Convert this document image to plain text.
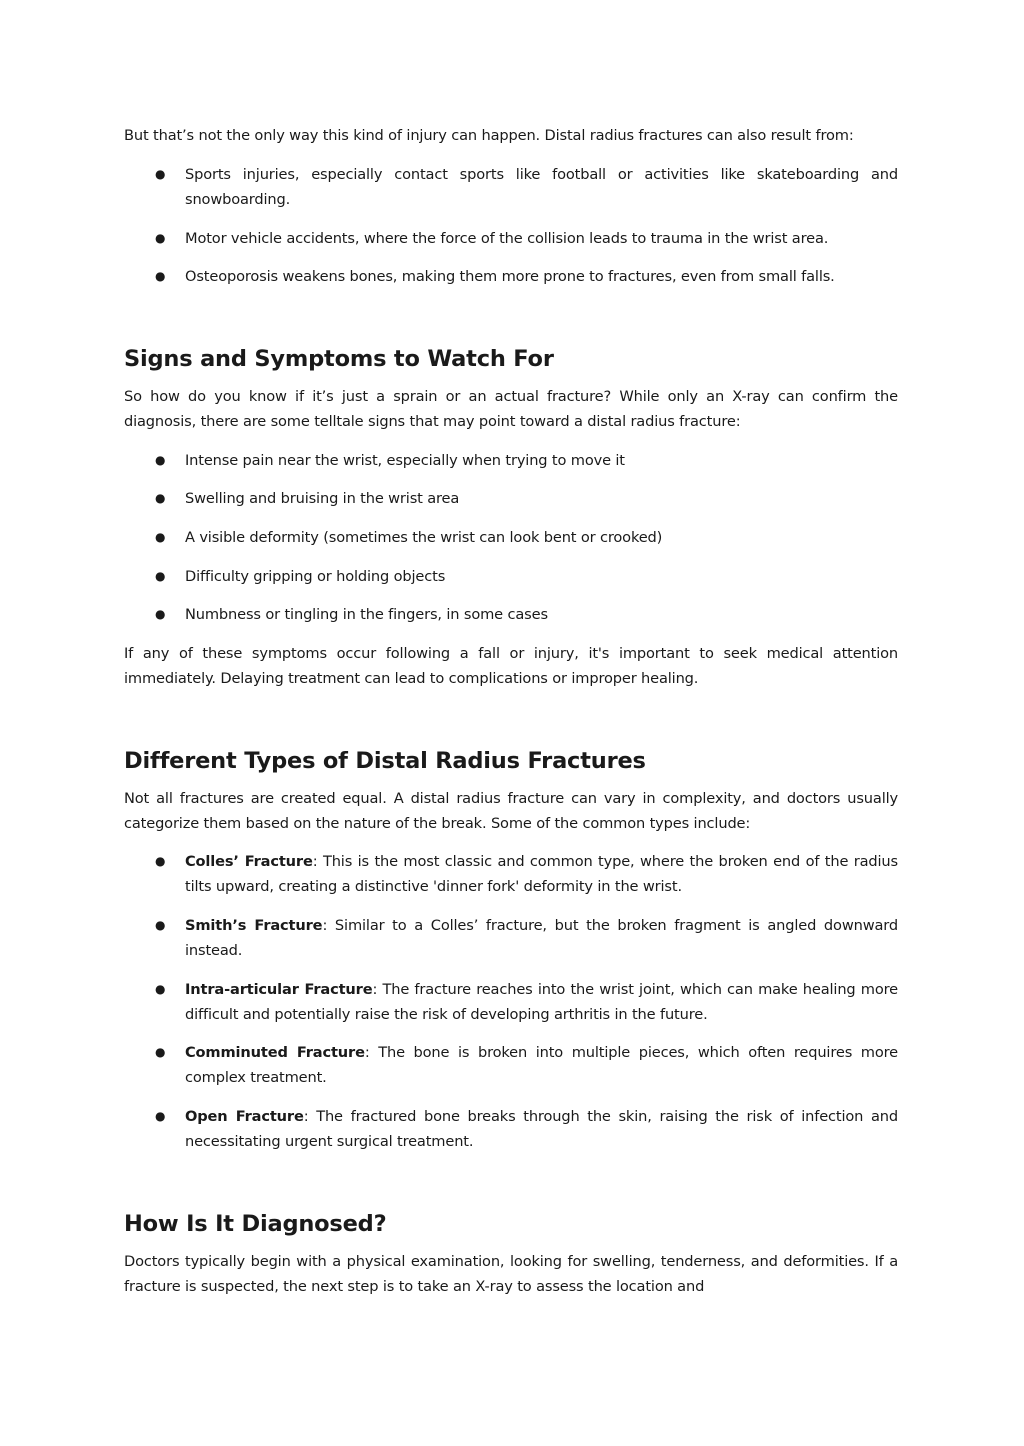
But that’s not the only way this kind of injury can happen. Distal radius fractures can also result from:

● Sports injuries, especially contact sports like football or activities like skateboarding and snowboarding.
● Motor vehicle accidents, where the force of the collision leads to trauma in the wrist area.
● Osteoporosis weakens bones, making them more prone to fractures, even from small falls.
Signs and Symptoms to Watch For

So how do you know if it’s just a sprain or an actual fracture? While only an X-ray can confirm the diagnosis, there are some telltale signs that may point toward a distal radius fracture:

● Intense pain near the wrist, especially when trying to move it
● Swelling and bruising in the wrist area
● A visible deformity (sometimes the wrist can look bent or crooked)
● Difficulty gripping or holding objects
● Numbness or tingling in the fingers, in some cases

If any of these symptoms occur following a fall or injury, it's important to seek medical attention immediately. Delaying treatment can lead to complications or improper healing.

Different Types of Distal Radius Fractures

Not all fractures are created equal. A distal radius fracture can vary in complexity, and doctors usually categorize them based on the nature of the break. Some of the common types include:

● Colles’ Fracture: This is the most classic and common type, where the broken end of the radius tilts upward, creating a distinctive 'dinner fork' deformity in the wrist.
● Smith’s Fracture: Similar to a Colles’ fracture, but the broken fragment is angled downward instead.
● Intra-articular Fracture: The fracture reaches into the wrist joint, which can make healing more difficult and potentially raise the risk of developing arthritis in the future.
● Comminuted Fracture: The bone is broken into multiple pieces, which often requires more complex treatment.
● Open Fracture: The fractured bone breaks through the skin, raising the risk of infection and necessitating urgent surgical treatment.
How Is It Diagnosed?

Doctors typically begin with a physical examination, looking for swelling, tenderness, and deformities. If a fracture is suspected, the next step is to take an X-ray to assess the location and
